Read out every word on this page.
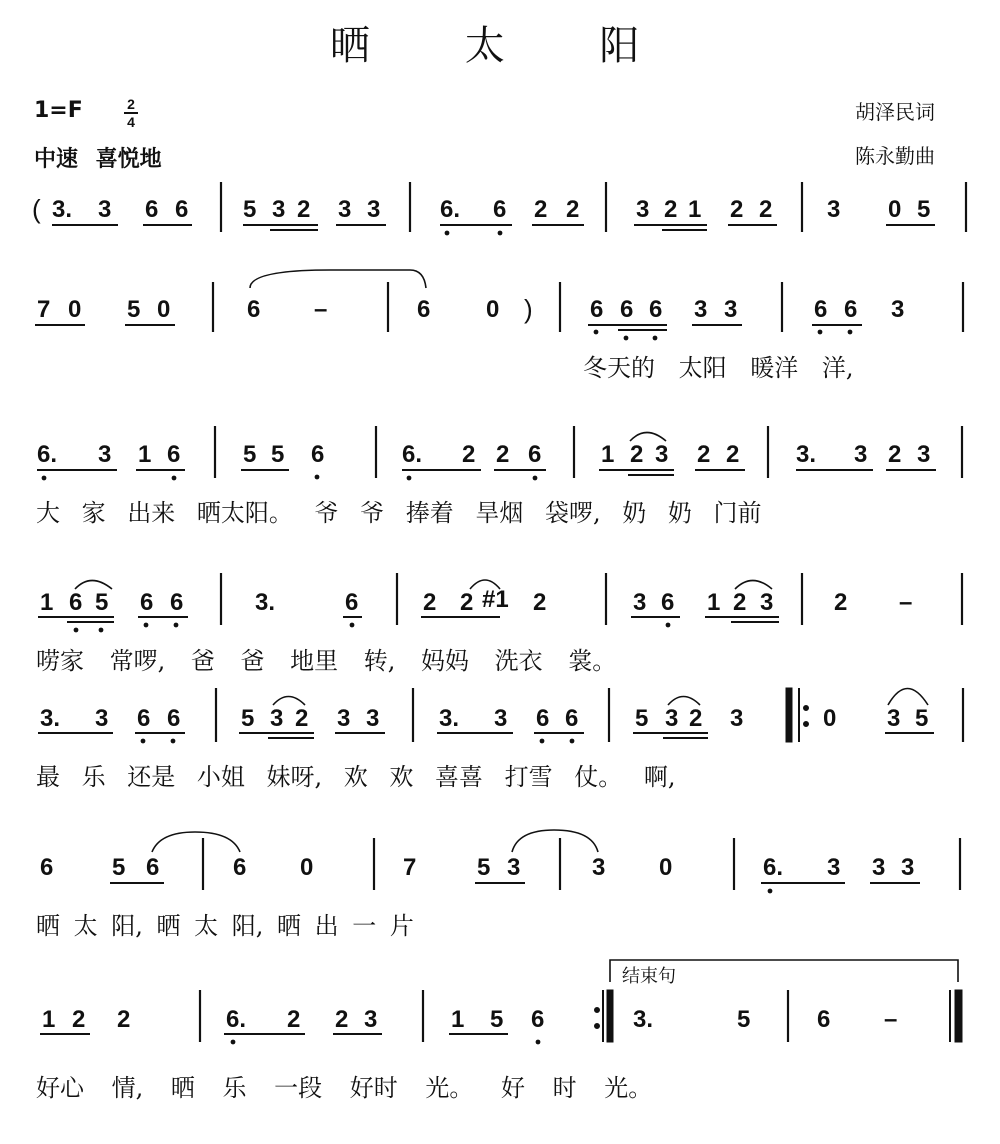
晒 太 阳
1=F	2
4
中速 喜悦地
胡泽民词
陈永勤曲
( 3. 3 6 6 5 3 2 3 3 6. 6 2 2 3 2 1 2 2 3 0 5
7 0 5 0	6 –	6 0 ) 6 6 6 3 3	6 6 3
冬天的 太阳 暖洋 洋,
6. 3 1 6	5 5 6	6. 2 2 6 1 2 3 2 2 3. 3 2 3
大 家 出来 晒太阳。 爷 爷 捧着 旱烟 袋啰, 奶 奶 门前
1 6 5 6 6	3.	6	2 2 #1 2	3 6 1 2 3	2 –
唠家 常啰, 爸 爸 地里 转, 妈妈 洗衣 裳。
3. 3 6 6	5 3 2 3 3 3. 3 6 6 5 3 2 3	0 3 5
最 乐 还是 小姐 妹呀, 欢 欢 喜喜 打雪 仗。 啊,
6 5 6	6 0	7	5 3	3 0	6. 3 3 3
晒 太 阳, 晒 太 阳, 晒 出 一 片
结束句
1 2 2	6. 2 2 3	1 5 6	3.	5	6 –
好心 情, 晒 乐 一段 好时 光。 好 时 光。
